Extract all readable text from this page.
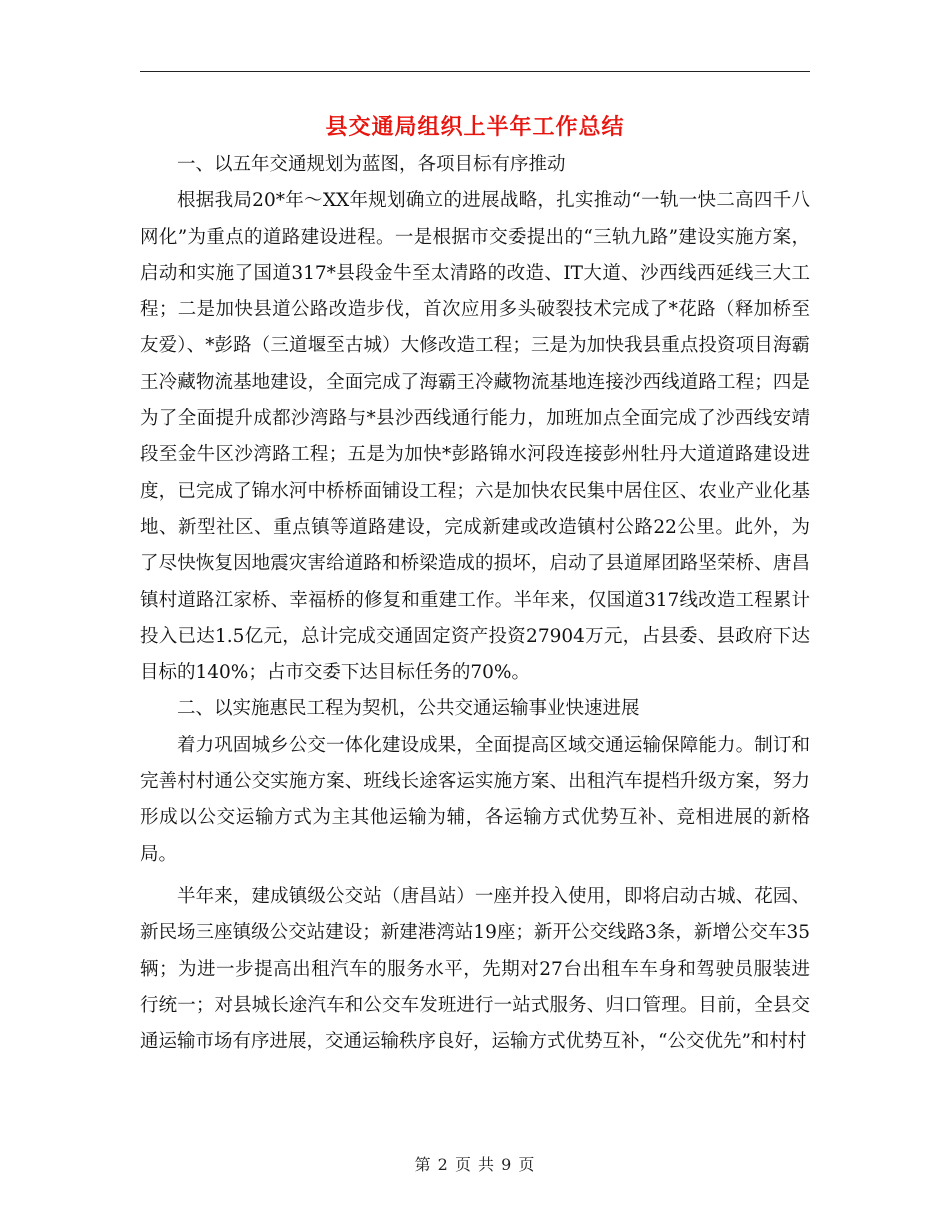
县交通局组织上半年工作总结

一、以五年交通规划为蓝图，各项目标有序推动

根据我局20*年～XX年规划确立的进展战略，扎实推动“一轨一快二高四千八网化”为重点的道路建设进程。一是根据市交委提出的“三轨九路”建设实施方案，启动和实施了国道317*县段金牛至太清路的改造、IT大道、沙西线西延线三大工程；二是加快县道公路改造步伐，首次应用多头破裂技术完成了*花路（释加桥至友爱）、*彭路（三道堰至古城）大修改造工程；三是为加快我县重点投资项目海霸王冷藏物流基地建设，全面完成了海霸王冷藏物流基地连接沙西线道路工程；四是为了全面提升成都沙湾路与*县沙西线通行能力，加班加点全面完成了沙西线安靖段至金牛区沙湾路工程；五是为加快*彭路锦水河段连接彭州牡丹大道道路建设进度，已完成了锦水河中桥桥面铺设工程；六是加快农民集中居住区、农业产业化基地、新型社区、重点镇等道路建设，完成新建或改造镇村公路22公里。此外，为了尽快恢复因地震灾害给道路和桥梁造成的损坏，启动了县道犀团路坚荣桥、唐昌镇村道路江家桥、幸福桥的修复和重建工作。半年来，仅国道317线改造工程累计投入已达1.5亿元，总计完成交通固定资产投资27904万元，占县委、县政府下达目标的140%；占市交委下达目标任务的70%。

二、以实施惠民工程为契机，公共交通运输事业快速进展

着力巩固城乡公交一体化建设成果，全面提高区域交通运输保障能力。制订和完善村村通公交实施方案、班线长途客运实施方案、出租汽车提档升级方案，努力形成以公交运输方式为主其他运输为辅，各运输方式优势互补、竞相进展的新格局。

半年来，建成镇级公交站（唐昌站）一座并投入使用，即将启动古城、花园、新民场三座镇级公交站建设；新建港湾站19座；新开公交线路3条，新增公交车35辆；为进一步提高出租汽车的服务水平，先期对27台出租车车身和驾驶员服装进行统一；对县城长途汽车和公交车发班进行一站式服务、归口管理。目前，全县交通运输市场有序进展，交通运输秩序良好，运输方式优势互补，“公交优先”和村村

第 2 页 共 9 页
